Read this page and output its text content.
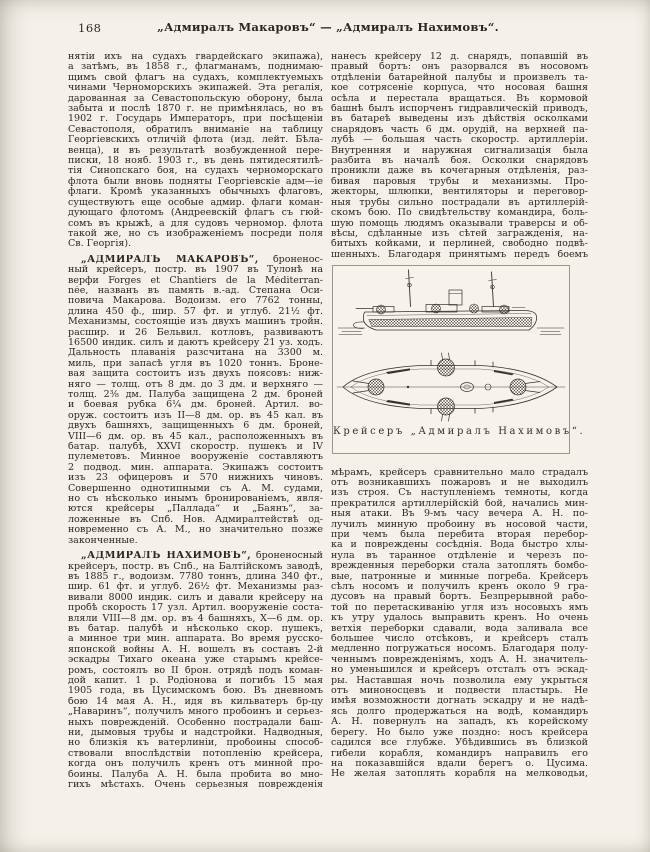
168	„Адмиралъ Макаровъ“ — „Адмиралъ Нахимовъ“.
нятіи ихъ на судахъ гвардейскаго экипажа),
а затѣмъ, въ 1858 г., флагманамъ, поднимаю-
щимъ свой флагъ на судахъ, комплектуемыхъ
чинами Черноморскихъ экипажей. Эта регалія,
дарованная за Севастопольскую оборону, была
забыта и послѣ 1870 г. не примѣнялась, но въ
1902 г. Государь Императоръ, при посѣщеніи
Севастополя, обратилъ вниманіе на таблицу
Георгіевскихъ отличій флота (изд. лейт. Бѣла-
венца), и въ результатѣ возбужденной пере-
писки, 18 нояб. 1903 г., въ день пятидесятилѣ-
тія Синопскаго боя, на судахъ черноморскаго
флота были вновь подняты Георгіевскіе адм—іе
флаги. Кромѣ указанныхъ обычныхъ флаговъ,
существуютъ еще особые адмир. флаги коман-
дующаго флотомъ (Андреевскій флагъ съ гюй-
сомъ въ крыжѣ, а для судовъ черномор. флота
такой же, но съ изображеніемъ посреди поля
Св. Георгія).
„АДМИРАЛЪ МАКАРОВЪ“, броненос-
ный крейсеръ, постр. въ 1907 въ Тулонѣ на
верфи Forges et Chantiers de la Méditerran-
née, названъ въ память в.-ад. Степана Оси-
повича Макарова. Водоизм. его 7762 тонны,
длина 450 ф., шир. 57 фт. и углуб. 21½ фт.
Механизмы, состоящіе изъ двухъ машинъ тройн.
расшир. и 26 Бельвил. котловъ, развиваютъ
16500 индик. силъ и даютъ крейсеру 21 уз. ходъ.
Дальность плаванія разсчитана на 3300 м.
миль, при запасѣ угля въ 1020 тоннъ. Броне-
вая защита состоитъ изъ двухъ поясовъ: ниж-
няго — толщ. отъ 8 дм. до 3 дм. и верхняго —
толщ. 2⅜ дм. Палуба защищена 2 дм. броней
и боевая рубка 6¼ дм. броней. Артил. во-
оруж. состоитъ изъ II—8 дм. ор. въ 45 кал. въ
двухъ башняхъ, защищенныхъ 6 дм. броней,
VIII—6 дм. ор. въ 45 кал., расположенныхъ въ
батар. палубѣ, XXVI скоростр. пушекъ и IV
пулеметовъ. Минное вооруженіе составляютъ
2 подвод. мин. аппарата. Экипажъ состоитъ
изъ 23 офицеровъ и 570 нижнихъ чиновъ.
Совершенно однотипными съ А. М. судами,
но съ нѣсколько инымъ бронированіемъ, явля-
ются крейсеры „Паллада“ и „Баянъ“, за-
ложенные въ Спб. Нов. Адмиралтействѣ од-
новременно съ А. М., но значительно позже
законченные.
„АДМИРАЛЪ НАХИМОВЪ“, броненосный
крейсеръ, постр. въ Спб., на Балтійскомъ заводѣ,
въ 1885 г., водоизм. 7780 тоннъ, длина 340 фт.,
шир. 61 фт. и углуб. 26½ фт. Механизмы раз-
вивали 8000 индик. силъ и давали крейсеру на
пробѣ скорость 17 узл. Артил. вооруженіе соста-
вляли VIII—8 дм. ор. въ 4 башняхъ, X—6 дм. ор.
въ батар. палубѣ и нѣсколько скор. пушекъ,
а минное три мин. аппарата. Во время русско-
японской войны А. Н. вошелъ въ составъ 2-й
эскадры Тихаго океана уже старымъ крейсе-
ромъ, состоялъ во II брон. отрядѣ подъ коман-
дой капит. 1 р. Родіонова и погибъ 15 мая
1905 года, въ Цусимскомъ бою. Въ дневномъ
бою 14 мая А. Н., идя въ кильватеръ бр-цу
„Наваринъ“, получилъ много пробоинъ и серьез-
ныхъ поврежденій. Особенно пострадали баш-
ни, дымовыя трубы и надстройки. Надводныя,
но близкія къ ватерлиніи, пробоины способ-
ствовали впослѣдствіи потопленію крейсера,
когда онъ получилъ кренъ отъ минной про-
боины. Палуба А. Н. была пробита во мно-
гихъ мѣстахъ. Очень серьезныя поврежденія
нанесъ крейсеру 12 д. снарядъ, попавшій въ
правый бортъ: онъ разорвался въ носовомъ
отдѣленіи батарейной палубы и произвелъ та-
кое сотрясеніе корпуса, что носовая башня
осѣла и перестала вращаться. Въ кормовой
башнѣ былъ испорченъ гидравлическій приводъ,
въ батареѣ выведены изъ дѣйствія осколками
снарядовъ часть 6 дм. орудій, на верхней па-
лубѣ — большая часть скоростр. артиллеріи.
Внутренняя и наружная сигнализація была
разбита въ началѣ боя. Осколки снарядовъ
проникли даже въ кочегарныя отдѣленія, раз-
бивая паровыя трубы и механизмы. Про-
жекторы, шлюпки, вентиляторы и переговор-
ныя трубы сильно пострадали въ артиллерій-
скомъ бою. По свидѣтельству командира, боль-
шую помощь людямъ оказывали траверсы и об-
вѣсы, сдѣланные изъ сѣтей загражденія, на-
битыхъ койками, и перлиней, свободно подвѣ-
шенныхъ. Благодаря принятымъ передъ боемъ
Крейсеръ „Адмиралъ Нахимовъ“.
мѣрамъ, крейсеръ сравнительно мало страдалъ
отъ возникавшихъ пожаровъ и не выходилъ
изъ строя. Съ наступленіемъ темноты, когда
прекратился артиллерійскій бой, начались мин-
ныя атаки. Въ 9-мъ часу вечера А. Н. по-
лучилъ минную пробоину въ носовой части,
при чемъ была перебита вторая перебор-
ка и повреждены сосѣднія. Вода быстро хлы-
нула въ таранное отдѣленіе и черезъ по-
врежденныя переборки стала затоплять бомбо-
вые, патронные и минные погреба. Крейсеръ
сѣлъ носомъ и получилъ кренъ около 9 гра-
дусовъ на правый бортъ. Безпрерывной рабо-
той по перетаскиванію угля изъ носовыхъ ямъ
къ утру удалось выправить кренъ. Но очень
ветхія переборки сдавали, вода заливала все
большее число отсѣковъ, и крейсеръ сталъ
медленно погружаться носомъ. Благодаря полу-
ченнымъ поврежденіямъ, ходъ А. Н. значитель-
но уменьшился и крейсеръ отсталъ отъ эскад-
ры. Наставшая ночь позволила ему укрыться
отъ миноносцевъ и подвести пластырь. Не
имѣя возможности догнать эскадру и не надѣ-
ясь долго продержаться на водѣ, командиръ
А. Н. повернулъ на западъ, къ корейскому
берегу. Но было уже поздно: носъ крейсера
садился все глубже. Убѣдившись въ близкой
гибели корабля, командиръ направилъ его
на показавшійся вдали берегъ о. Цусима.
Не желая затоплять корабля на мелководьи,
